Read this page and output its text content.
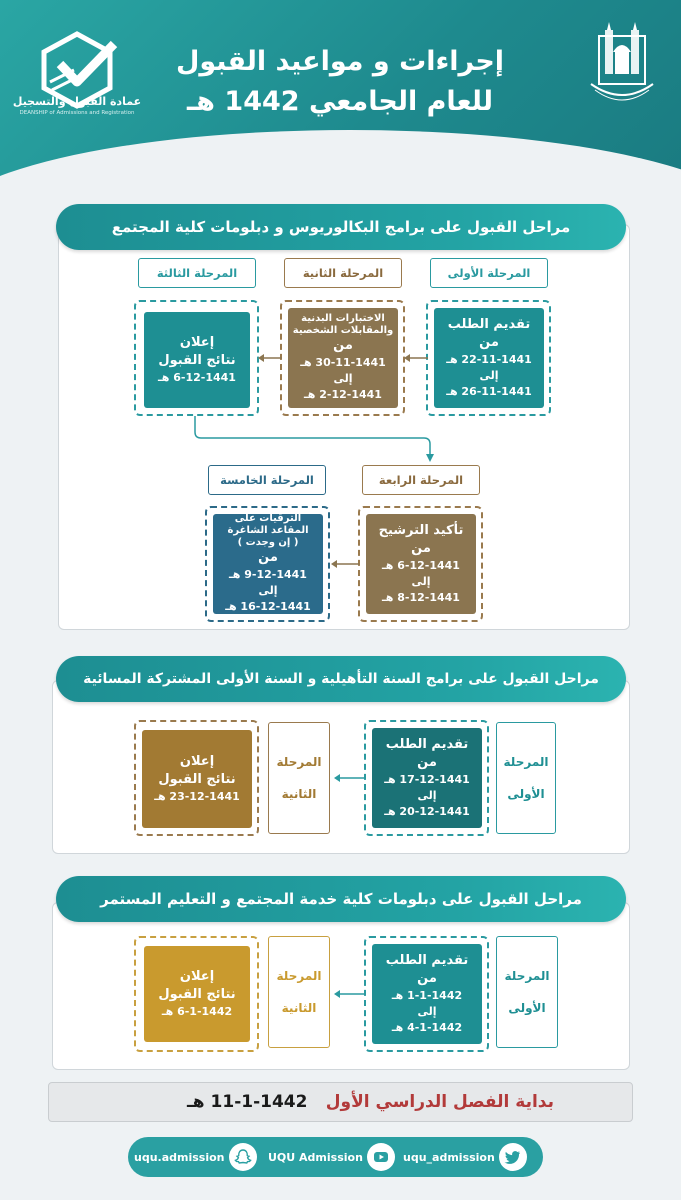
إجراءات و مواعيد القبول
للعام الجامعي 1442 هـ
عمادة القبول والتسجيل
DEANSHIP of Admissions and Registration
مراحل القبول على برامج البكالوريوس و دبلومات كلية المجتمع
المرحلة الأولى
تقديم الطلب
من
22-11-1441 هـ
إلى
26-11-1441 هـ
المرحلة الثانية
الاختبارات البدنية
والمقابلات الشخصية
من
30-11-1441 هـ
إلى
2-12-1441 هـ
المرحلة الثالثة
إعلان
نتائج القبول
6-12-1441 هـ
المرحلة الرابعة
تأكيد الترشيح
من
6-12-1441 هـ
إلى
8-12-1441 هـ
المرحلة الخامسة
الترقيات على
المقاعد الشاغرة
( إن وجدت )
من
9-12-1441 هـ
إلى
16-12-1441 هـ
مراحل القبول على برامج السنة التأهيلية و السنة الأولى المشتركة المسائية
المرحلة
الأولى
تقديم الطلب
من
17-12-1441 هـ
إلى
20-12-1441 هـ
المرحلة
الثانية
إعلان
نتائج القبول
23-12-1441 هـ
مراحل القبول على دبلومات كلية خدمة المجتمع و التعليم المستمر
المرحلة
الأولى
تقديم الطلب
من
1-1-1442 هـ
إلى
4-1-1442 هـ
المرحلة
الثانية
إعلان
نتائج القبول
6-1-1442 هـ
بداية الفصل الدراسي الأول
11-1-1442 هـ
uqu.admission	UQU Admission	uqu_admission
